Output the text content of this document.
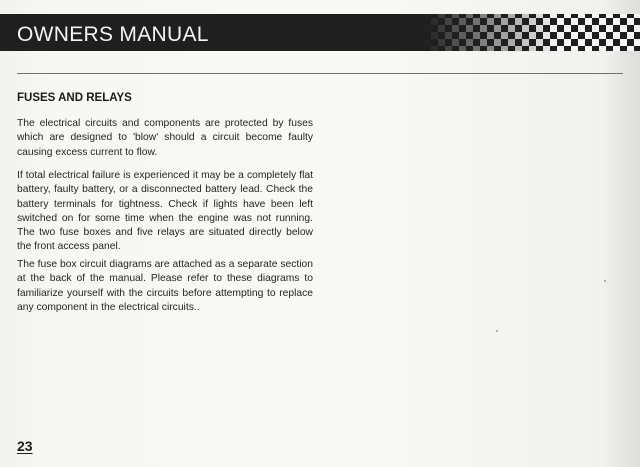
OWNERS MANUAL
FUSES AND RELAYS
The electrical circuits and components are protected by fuses which are designed to 'blow' should a circuit become faulty causing excess current to flow.
If total electrical failure is experienced it may be a completely flat battery, faulty battery, or a disconnected battery lead. Check the battery terminals for tightness. Check if lights have been left switched on for some time when the engine was not running. The two fuse boxes and five relays are situated directly below the front access panel.
The fuse box circuit diagrams are attached as a separate section at the back of the manual. Please refer to these diagrams to familiarize yourself with the circuits before attempting to replace any component in the electrical circuits..
23
